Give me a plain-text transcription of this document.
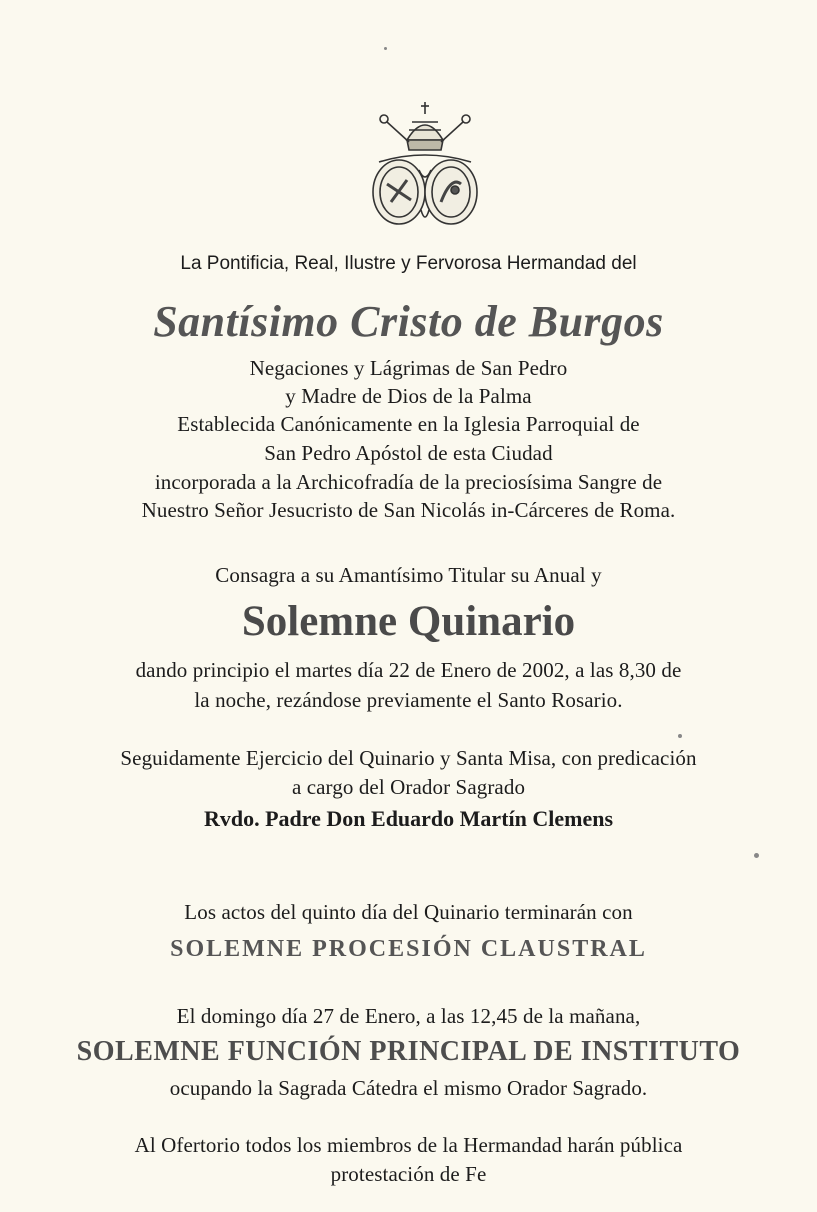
La Pontificia, Real, Ilustre y Fervorosa Hermandad del
Santísimo Cristo de Burgos
Negaciones y Lágrimas de San Pedro
y Madre de Dios de la Palma
Establecida Canónicamente en la Iglesia Parroquial de
San Pedro Apóstol de esta Ciudad
incorporada a la Archicofradía de la preciosísima Sangre de
Nuestro Señor Jesucristo de San Nicolás in-Cárceres de Roma.
Consagra a su Amantísimo Titular su Anual y
Solemne Quinario
dando principio el martes día 22 de Enero de 2002, a las 8,30 de
la noche, rezándose previamente el Santo Rosario.
Seguidamente Ejercicio del Quinario y Santa Misa, con predicación
a cargo del Orador Sagrado
Rvdo. Padre Don Eduardo Martín Clemens
Los actos del quinto día del Quinario terminarán con
SOLEMNE PROCESIÓN CLAUSTRAL
El domingo día 27 de Enero, a las 12,45 de la mañana,
SOLEMNE FUNCIÓN PRINCIPAL DE INSTITUTO
ocupando la Sagrada Cátedra el mismo Orador Sagrado.
Al Ofertorio todos los miembros de la Hermandad harán pública
protestación de Fe
